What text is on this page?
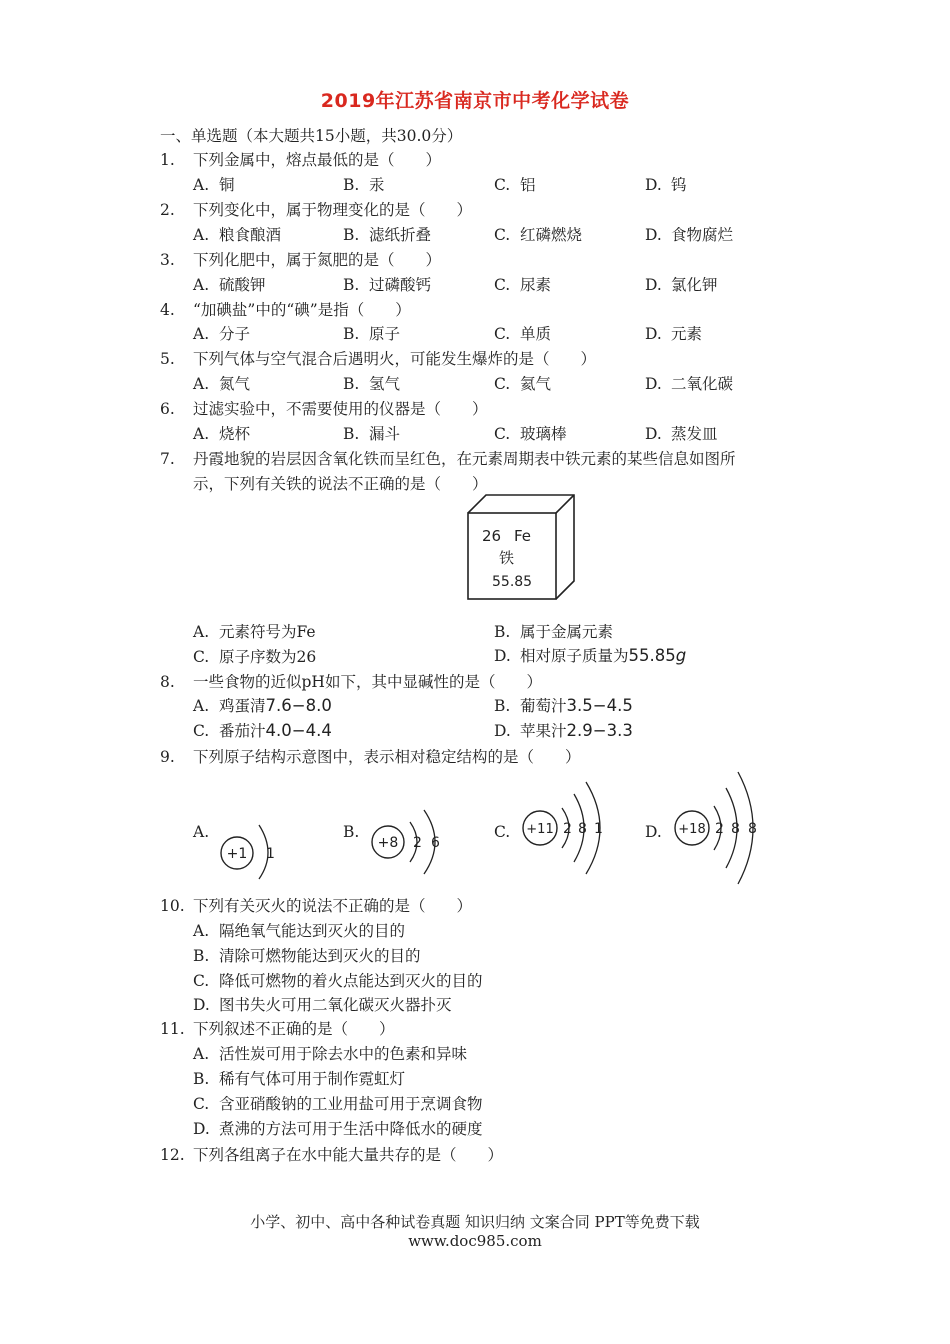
2019年江苏省南京市中考化学试卷
一、单选题（本大题共15小题，共30.0分）
1. 下列金属中，熔点最低的是（　　）
A. 铜	B. 汞	C. 铝	D. 钨
2. 下列变化中，属于物理变化的是（　　）
A. 粮食酿酒	B. 滤纸折叠	C. 红磷燃烧	D. 食物腐烂
3. 下列化肥中，属于氮肥的是（　　）
A. 硫酸钾	B. 过磷酸钙	C. 尿素	D. 氯化钾
4. “加碘盐”中的“碘”是指（　　）
A. 分子	B. 原子	C. 单质	D. 元素
5. 下列气体与空气混合后遇明火，可能发生爆炸的是（　　）
A. 氮气	B. 氢气	C. 氦气	D. 二氧化碳
6. 过滤实验中，不需要使用的仪器是（　　）
A. 烧杯	B. 漏斗	C. 玻璃棒	D. 蒸发皿
7. 丹霞地貌的岩层因含氧化铁而呈红色，在元素周期表中铁元素的某些信息如图所
示，下列有关铁的说法不正确的是（　　）
26 Fe
铁
55.85
A. 元素符号为Fe	B. 属于金属元素
C. 原子序数为26	D. 相对原子质量为55.85g
8. 一些食物的近似pH如下，其中显碱性的是（　　）
A. 鸡蛋清7.6−8.0	B. 葡萄汁3.5−4.5
C. 番茄汁4.0−4.4	D. 苹果汁2.9−3.3
9. 下列原子结构示意图中，表示相对稳定结构的是（　　）
A.
+1 1
B.
+8 2 6
C. +11 2 8 1	D. +18 2 8 8
10. 下列有关灭火的说法不正确的是（　　）
A. 隔绝氧气能达到灭火的目的
B. 清除可燃物能达到灭火的目的
C. 降低可燃物的着火点能达到灭火的目的
D. 图书失火可用二氧化碳灭火器扑灭
11. 下列叙述不正确的是（　　）
A. 活性炭可用于除去水中的色素和异味
B. 稀有气体可用于制作霓虹灯
C. 含亚硝酸钠的工业用盐可用于烹调食物
D. 煮沸的方法可用于生活中降低水的硬度
12. 下列各组离子在水中能大量共存的是（　　）
小学、初中、高中各种试卷真题 知识归纳 文案合同 PPT等免费下载
www.doc985.com
